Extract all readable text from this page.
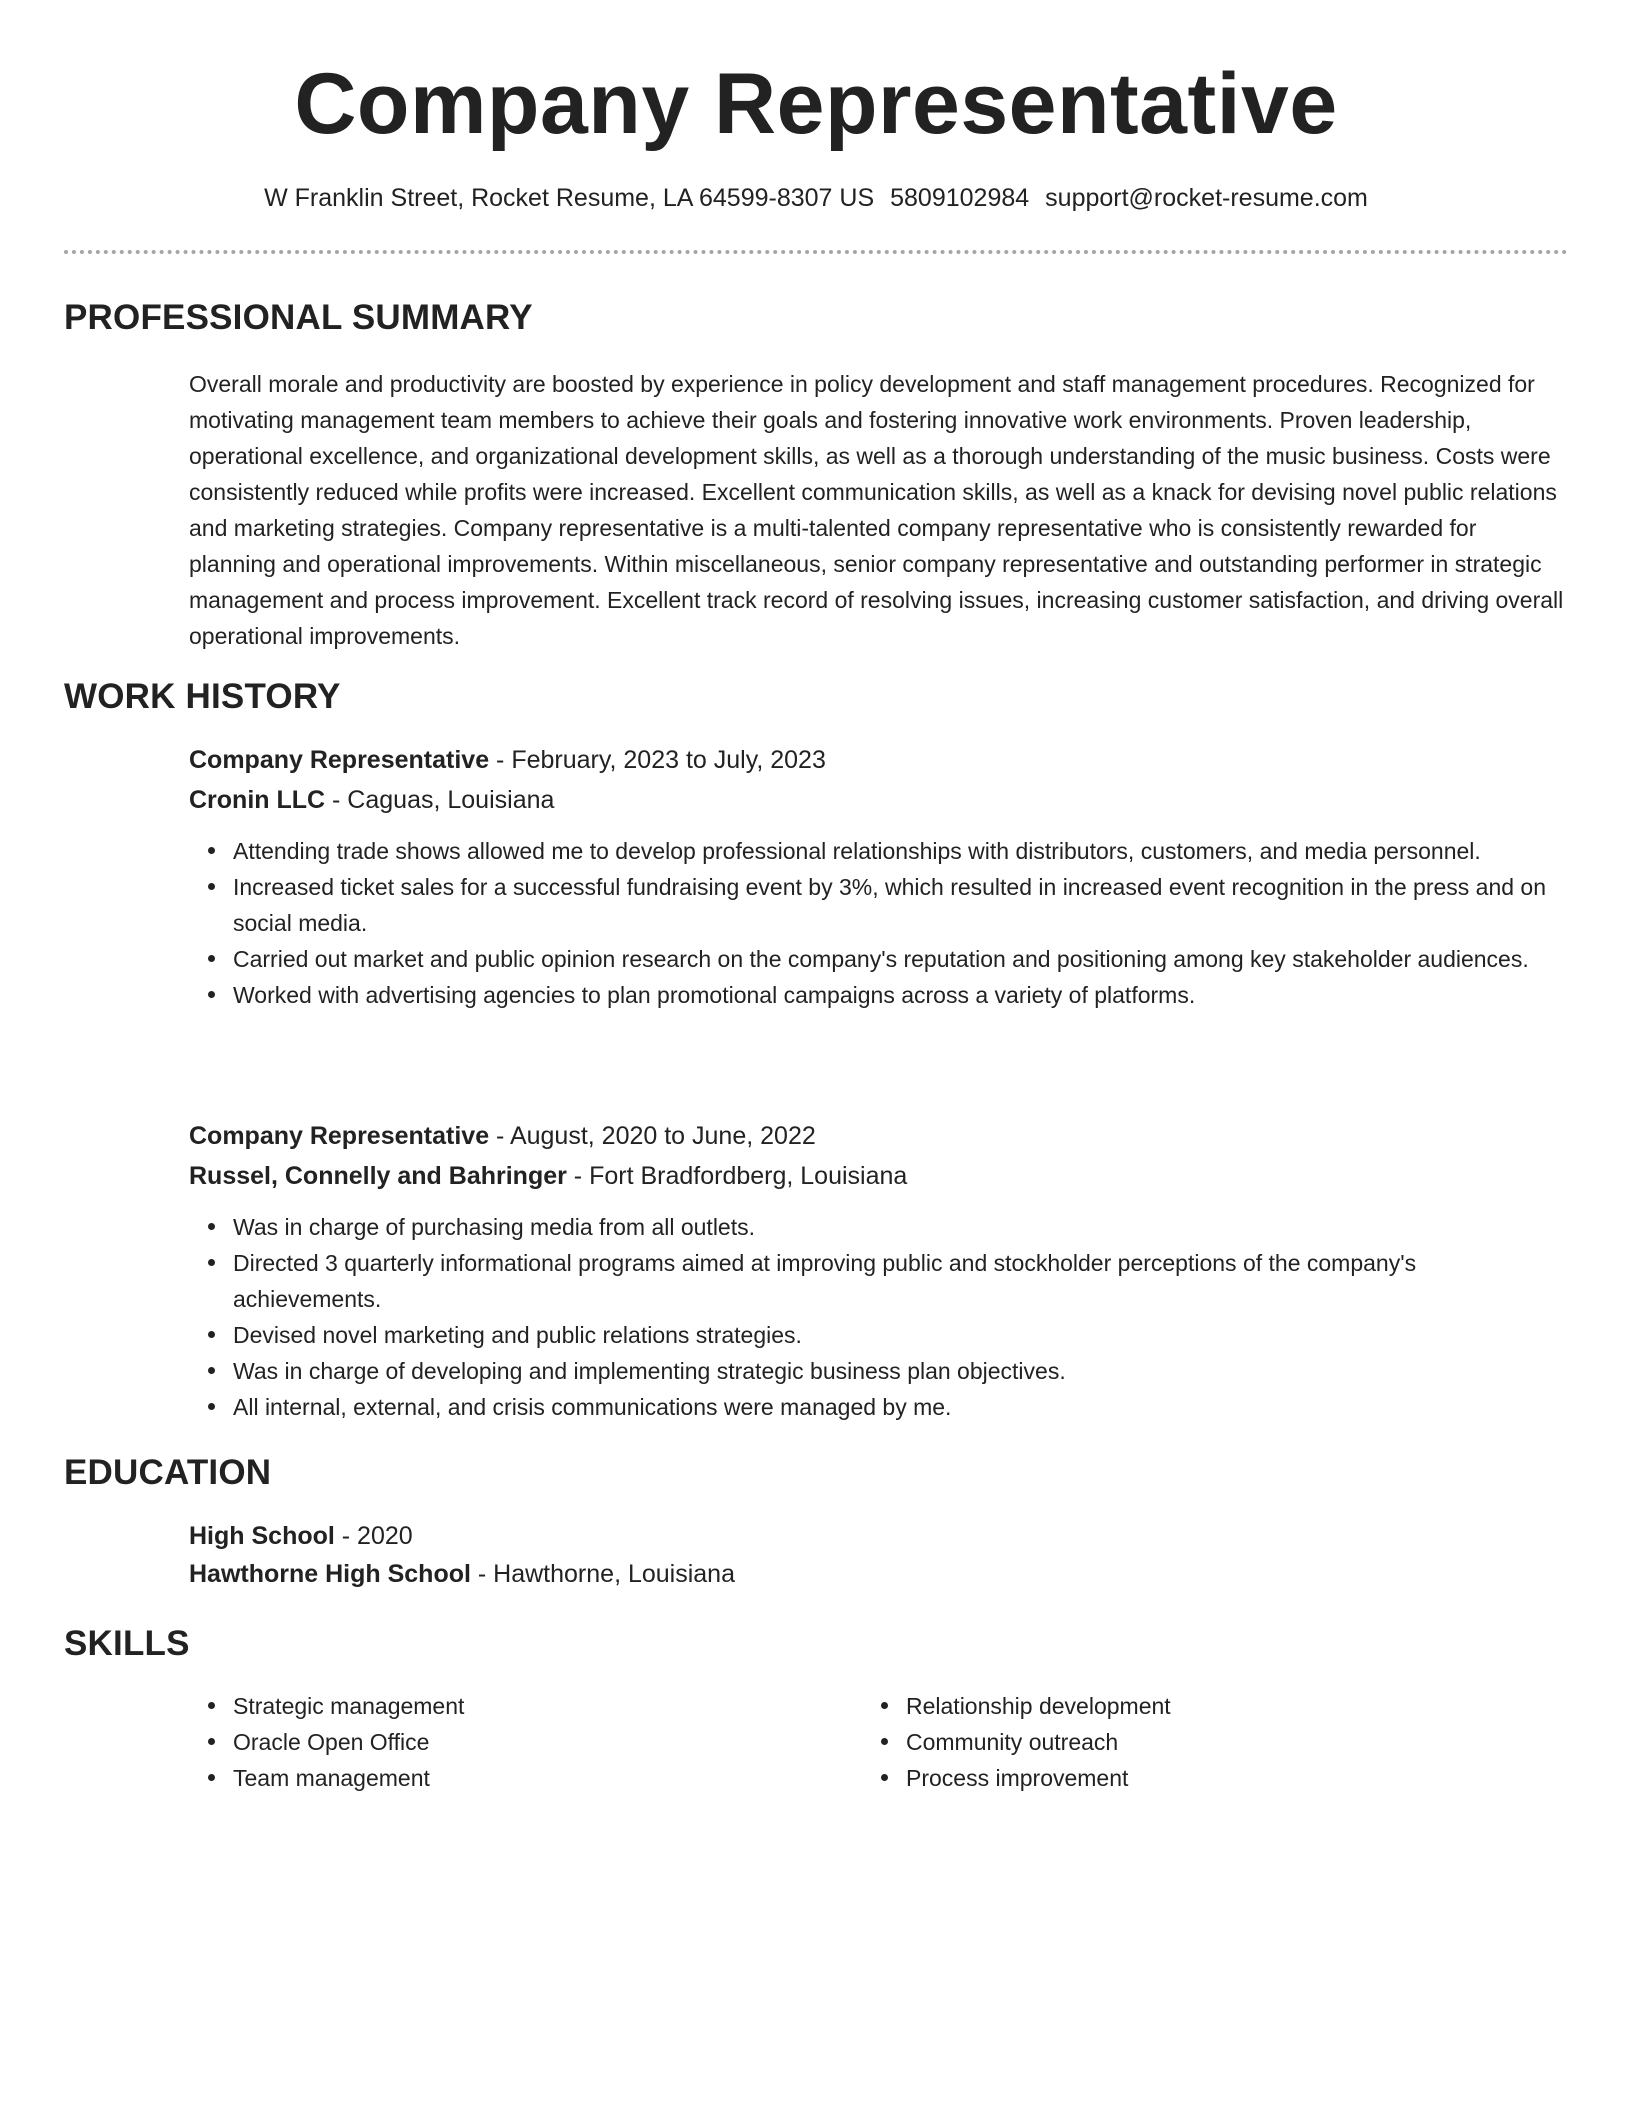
Company Representative
W Franklin Street, Rocket Resume, LA 64599-8307 US 5809102984 support@rocket-resume.com
PROFESSIONAL SUMMARY
Overall morale and productivity are boosted by experience in policy development and staff management procedures. Recognized for motivating management team members to achieve their goals and fostering innovative work environments. Proven leadership, operational excellence, and organizational development skills, as well as a thorough understanding of the music business. Costs were consistently reduced while profits were increased. Excellent communication skills, as well as a knack for devising novel public relations and marketing strategies. Company representative is a multi-talented company representative who is consistently rewarded for planning and operational improvements. Within miscellaneous, senior company representative and outstanding performer in strategic management and process improvement. Excellent track record of resolving issues, increasing customer satisfaction, and driving overall operational improvements.
WORK HISTORY
Company Representative - February, 2023 to July, 2023
Cronin LLC - Caguas, Louisiana
Attending trade shows allowed me to develop professional relationships with distributors, customers, and media personnel.
Increased ticket sales for a successful fundraising event by 3%, which resulted in increased event recognition in the press and on social media.
Carried out market and public opinion research on the company's reputation and positioning among key stakeholder audiences.
Worked with advertising agencies to plan promotional campaigns across a variety of platforms.
Company Representative - August, 2020 to June, 2022
Russel, Connelly and Bahringer - Fort Bradfordberg, Louisiana
Was in charge of purchasing media from all outlets.
Directed 3 quarterly informational programs aimed at improving public and stockholder perceptions of the company's achievements.
Devised novel marketing and public relations strategies.
Was in charge of developing and implementing strategic business plan objectives.
All internal, external, and crisis communications were managed by me.
EDUCATION
High School - 2020
Hawthorne High School - Hawthorne, Louisiana
SKILLS
Strategic management
Oracle Open Office
Team management
Relationship development
Community outreach
Process improvement
